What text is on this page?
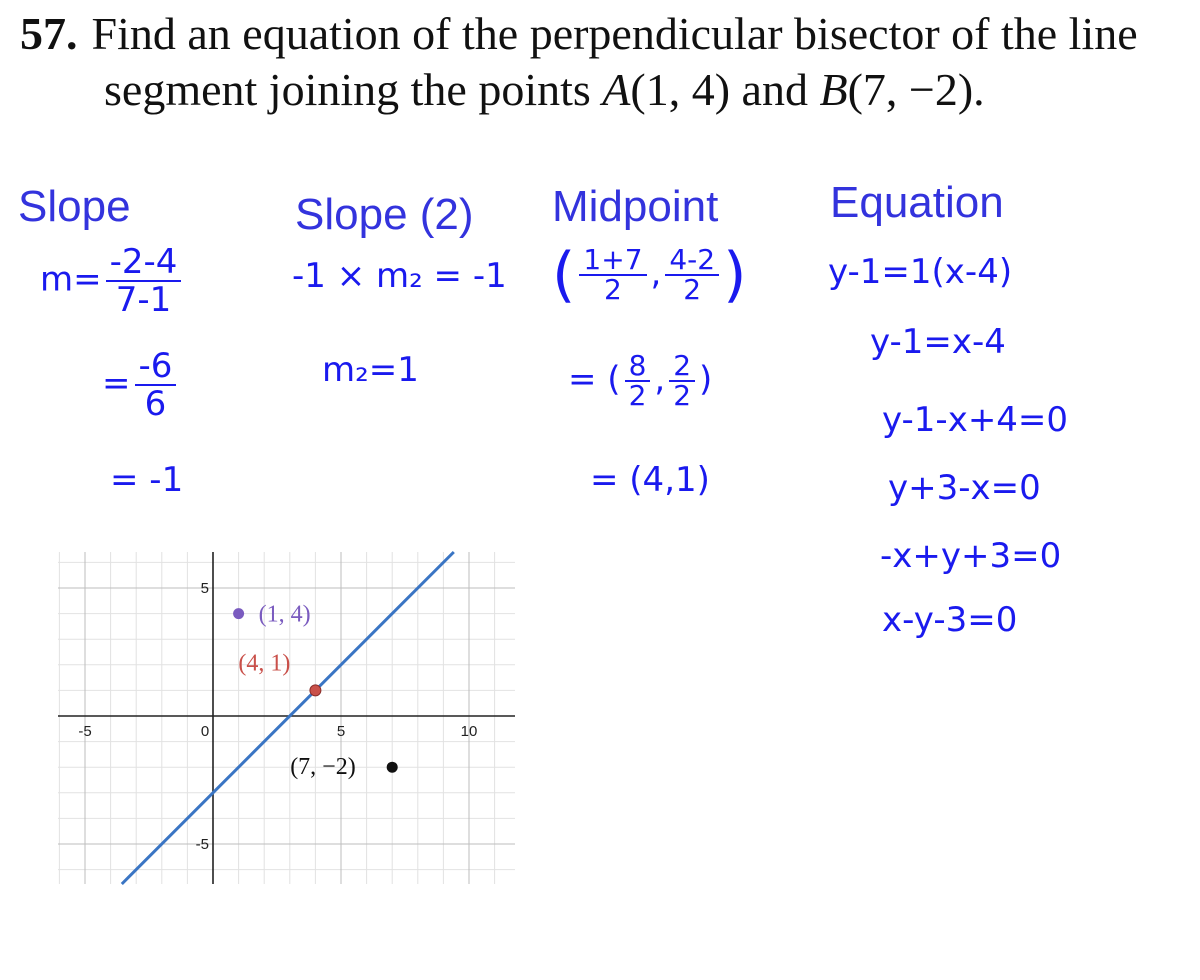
57. Find an equation of the perpendicular bisector of the line
segment joining the points A(1, 4) and B(7, −2).
Slope	Slope (2) Midpoint	Equation
$m= \frac{-2-4}{7-1}$
= $\frac{-6}{6}$
= -1
-1 × m₂ = -1
m₂=1
( $\frac{1+7}{2}$ , $\frac{4-2}{2}$ )
= ( $\frac{8}{2}$ , $\frac{2}{2}$ )
= (4,1)
y-1=1(x-4)
y-1=x-4
y-1-x+4=0
y+3-x=0
-x+y+3=0
x-y-3=0
-5	0	5	10
5
-5
(1, 4)
(4, 1)
(7, −2)
